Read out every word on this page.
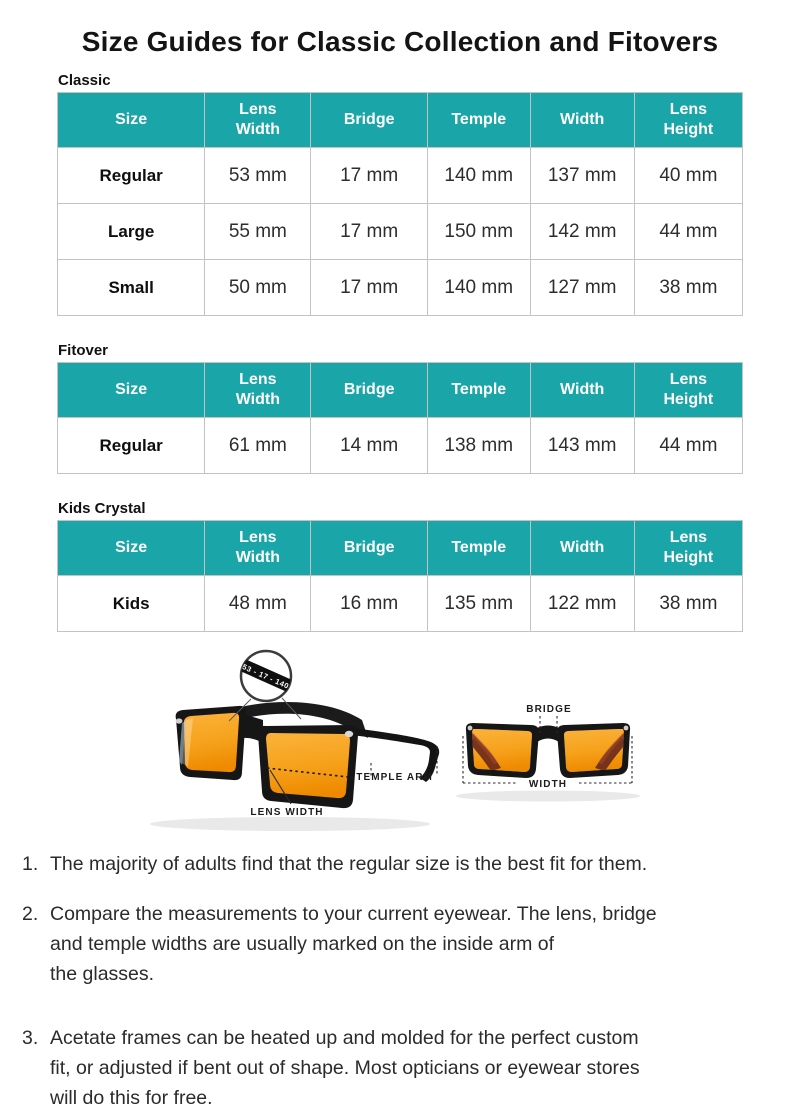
Size Guides for Classic Collection and Fitovers
Classic
Size	Lens Width	Bridge	Temple	Width	Lens Height
Regular	53 mm	17 mm	140 mm	137 mm	40 mm
Large	55 mm	17 mm	150 mm	142 mm	44 mm
Small	50 mm	17 mm	140 mm	127 mm	38 mm
Fitover
Size	Lens Width	Bridge	Temple	Width	Lens Height
Regular	61 mm	14 mm	138 mm	143 mm	44 mm
Kids Crystal
Size	Lens Width	Bridge	Temple	Width	Lens Height
Kids	48 mm	16 mm	135 mm	122 mm	38 mm
53 - 17 - 140
LENS WIDTH
TEMPLE ARM
BRIDGE
WIDTH
1. The majority of adults find that the regular size is the best fit for them.
2. Compare the measurements to your current eyewear. The lens, bridge
and temple widths are usually marked on the inside arm of
the glasses.
3. Acetate frames can be heated up and molded for the perfect custom
fit, or adjusted if bent out of shape. Most opticians or eyewear stores
will do this for free.
